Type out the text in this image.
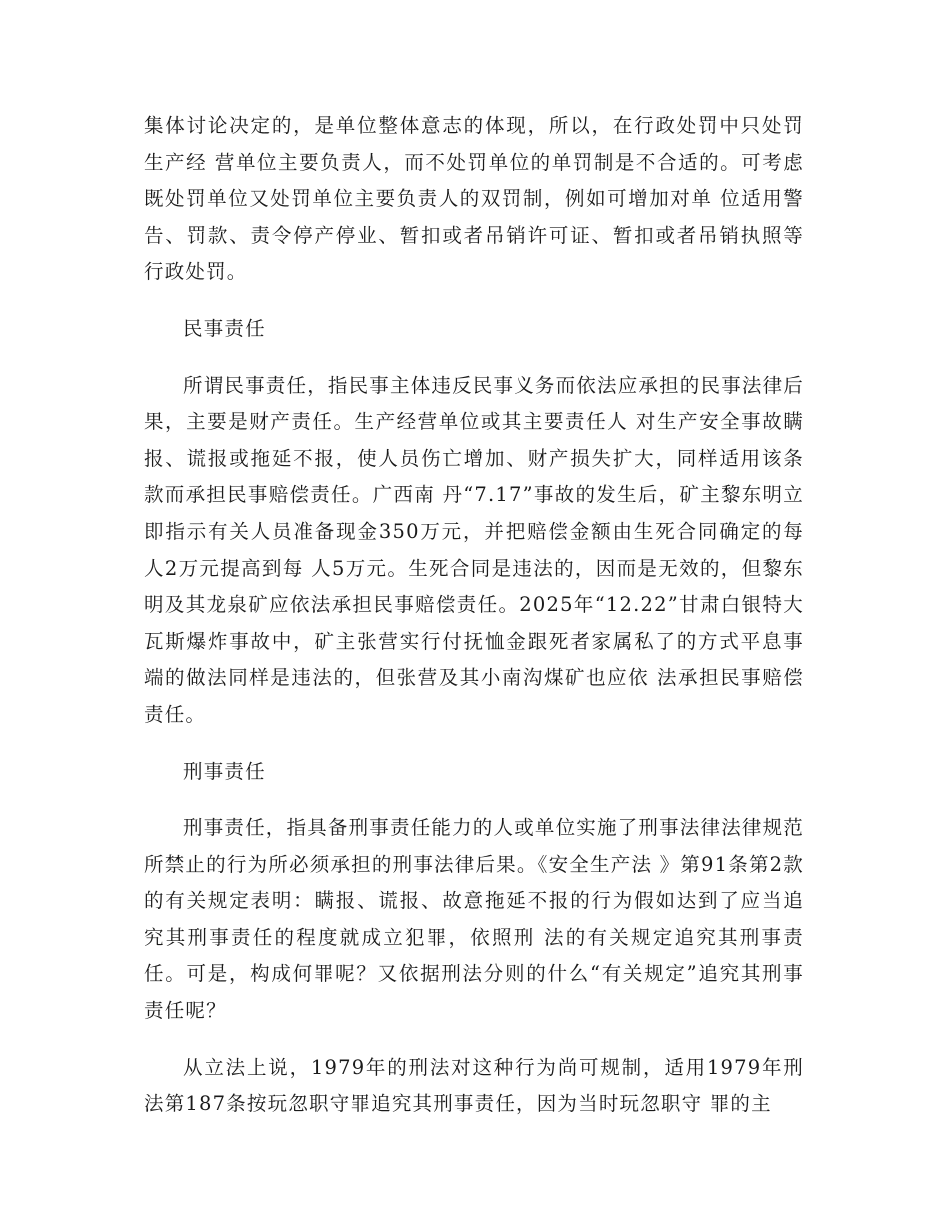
集体讨论决定的，是单位整体意志的体现，所以，在行政处罚中只处罚生产经 营单位主要负责人，而不处罚单位的单罚制是不合适的。可考虑既处罚单位又处罚单位主要负责人的双罚制，例如可增加对单 位适用警告、罚款、责令停产停业、暂扣或者吊销许可证、暂扣或者吊销执照等行政处罚。

民事责任

所谓民事责任，指民事主体违反民事义务而依法应承担的民事法律后果，主要是财产责任。生产经营单位或其主要责任人 对生产安全事故瞒报、谎报或拖延不报，使人员伤亡增加、财产损失扩大，同样适用该条款而承担民事赔偿责任。广西南 丹“7.17”事故的发生后，矿主黎东明立即指示有关人员准备现金350万元，并把赔偿金额由生死合同确定的每人2万元提高到每 人5万元。生死合同是违法的，因而是无效的，但黎东明及其龙泉矿应依法承担民事赔偿责任。2025年“12.22”甘肃白银特大 瓦斯爆炸事故中，矿主张营实行付抚恤金跟死者家属私了的方式平息事端的做法同样是违法的，但张营及其小南沟煤矿也应依 法承担民事赔偿责任。

刑事责任

刑事责任，指具备刑事责任能力的人或单位实施了刑事法律法律规范所禁止的行为所必须承担的刑事法律后果。《安全生产法 》第91条第2款的有关规定表明：瞒报、谎报、故意拖延不报的行为假如达到了应当追究其刑事责任的程度就成立犯罪，依照刑 法的有关规定追究其刑事责任。可是，构成何罪呢？又依据刑法分则的什么“有关规定”追究其刑事责任呢？

从立法上说，1979年的刑法对这种行为尚可规制，适用1979年刑法第187条按玩忽职守罪追究其刑事责任，因为当时玩忽职守 罪的主
